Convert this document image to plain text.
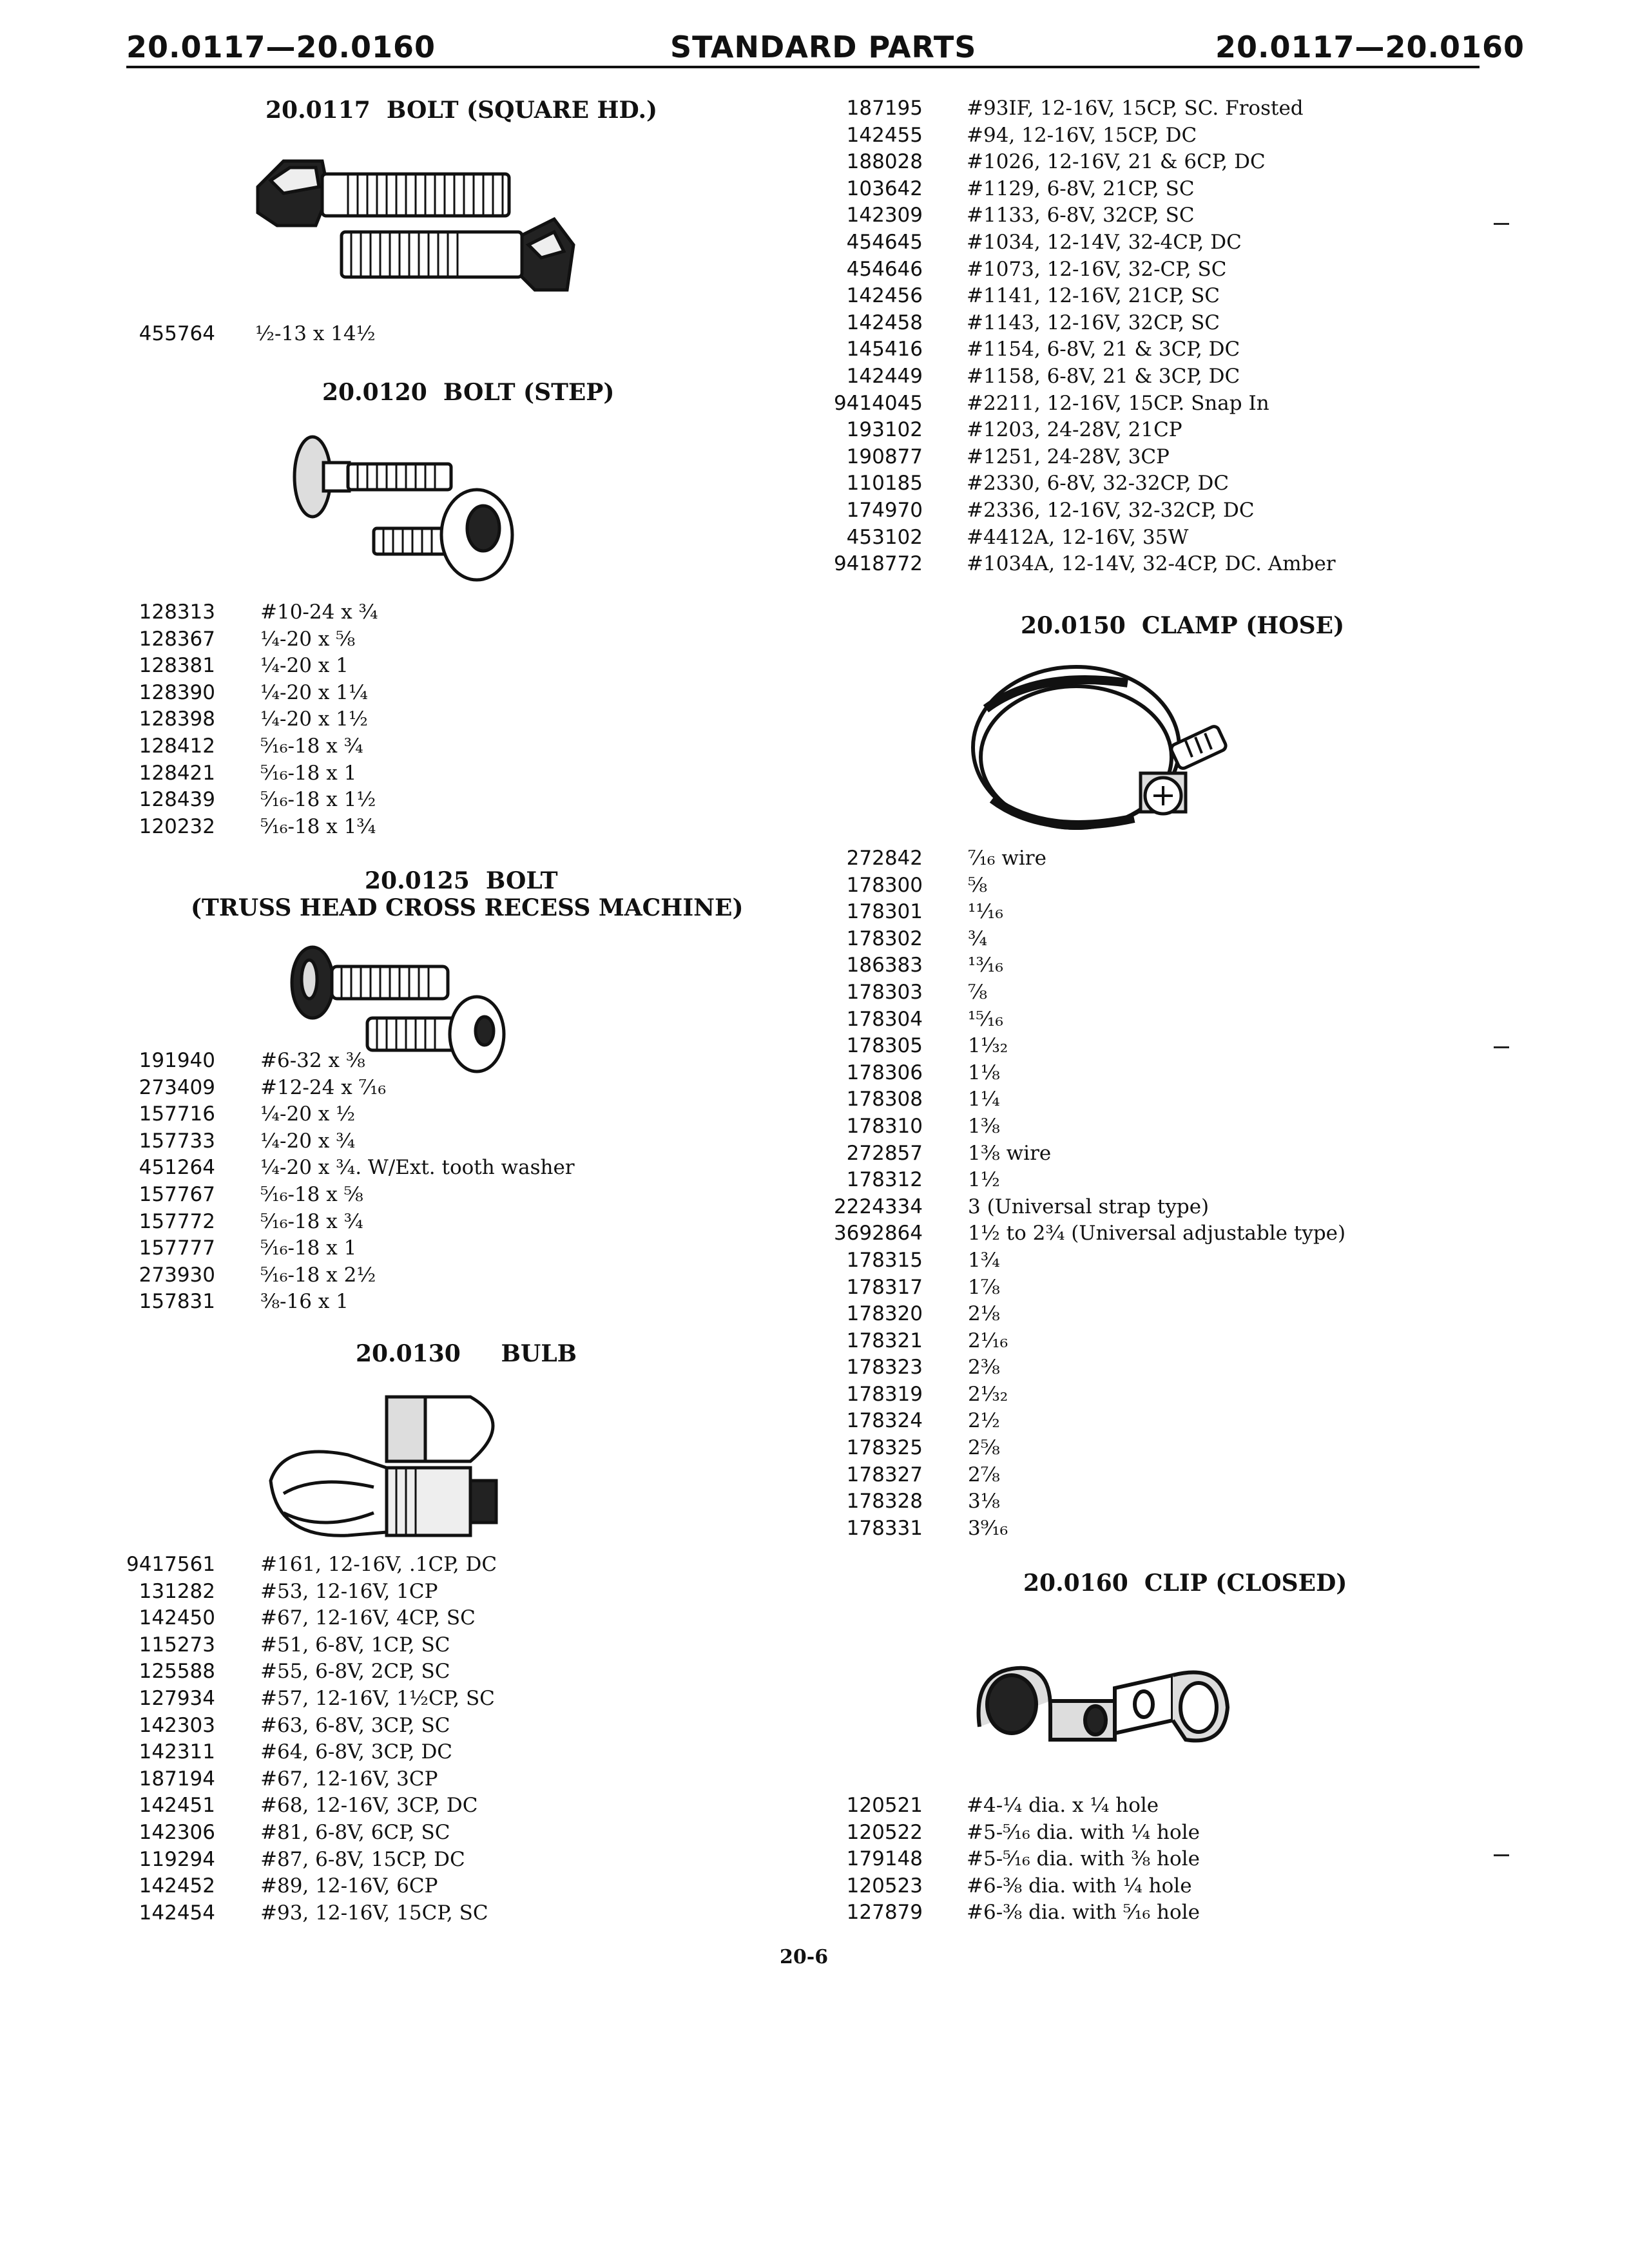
20.0117—20.0160	STANDARD PARTS	20.0117—20.0160
20.0117  BOLT (SQUARE HD.)
455764 ½-13 x 14½
20.0120  BOLT (STEP)
128313 #10-24 x ¾
128367 ¼-20 x ⅝
128381 ¼-20 x 1
128390 ¼-20 x 1¼
128398 ¼-20 x 1½
128412 ⁵⁄₁₆-18 x ¾
128421 ⁵⁄₁₆-18 x 1
128439 ⁵⁄₁₆-18 x 1½
120232 ⁵⁄₁₆-18 x 1¾
20.0125  BOLT
(TRUSS HEAD CROSS RECESS MACHINE)
191940 #6-32 x ⅜
273409 #12-24 x ⁷⁄₁₆
157716 ¼-20 x ½
157733 ¼-20 x ¾
451264 ¼-20 x ¾. W/Ext. tooth washer
157767 ⁵⁄₁₆-18 x ⅝
157772 ⁵⁄₁₆-18 x ¾
157777 ⁵⁄₁₆-18 x 1
273930 ⁵⁄₁₆-18 x 2½
157831 ⅜-16 x 1
20.0130     BULB
9417561 #161, 12-16V, .1CP, DC
131282 #53, 12-16V, 1CP
142450 #67, 12-16V, 4CP, SC
115273 #51, 6-8V, 1CP, SC
125588 #55, 6-8V, 2CP, SC
127934 #57, 12-16V, 1½CP, SC
142303 #63, 6-8V, 3CP, SC
142311 #64, 6-8V, 3CP, DC
187194 #67, 12-16V, 3CP
142451 #68, 12-16V, 3CP, DC
142306 #81, 6-8V, 6CP, SC
119294 #87, 6-8V, 15CP, DC
142452 #89, 12-16V, 6CP
142454 #93, 12-16V, 15CP, SC
187195 #93IF, 12-16V, 15CP, SC. Frosted
142455 #94, 12-16V, 15CP, DC
188028 #1026, 12-16V, 21 & 6CP, DC
103642 #1129, 6-8V, 21CP, SC
142309 #1133, 6-8V, 32CP, SC
454645 #1034, 12-14V, 32-4CP, DC
454646 #1073, 12-16V, 32-CP, SC
142456 #1141, 12-16V, 21CP, SC
142458 #1143, 12-16V, 32CP, SC
145416 #1154, 6-8V, 21 & 3CP, DC
142449 #1158, 6-8V, 21 & 3CP, DC
9414045 #2211, 12-16V, 15CP. Snap In
193102 #1203, 24-28V, 21CP
190877 #1251, 24-28V, 3CP
110185 #2330, 6-8V, 32-32CP, DC
174970 #2336, 12-16V, 32-32CP, DC
453102 #4412A, 12-16V, 35W
9418772 #1034A, 12-14V, 32-4CP, DC. Amber
20.0150  CLAMP (HOSE)
272842 ⁷⁄₁₆ wire
178300 ⅝
178301 ¹¹⁄₁₆
178302 ¾
186383 ¹³⁄₁₆
178303 ⅞
178304 ¹⁵⁄₁₆
178305 1¹⁄₃₂
178306 1⅛
178308 1¼
178310 1⅜
272857 1⅜ wire
178312 1½
2224334 3 (Universal strap type)
3692864 1½ to 2¾ (Universal adjustable type)
178315 1¾
178317 1⅞
178320 2⅛
178321 2¹⁄₁₆
178323 2⅜
178319 2¹⁄₃₂
178324 2½
178325 2⅝
178327 2⅞
178328 3⅛
178331 3⁹⁄₁₆
20.0160  CLIP (CLOSED)
120521 #4-¼ dia. x ¼ hole
120522 #5-⁵⁄₁₆ dia. with ¼ hole
179148 #5-⁵⁄₁₆ dia. with ⅜ hole
120523 #6-⅜ dia. with ¼ hole
127879 #6-⅜ dia. with ⁵⁄₁₆ hole
20-6
